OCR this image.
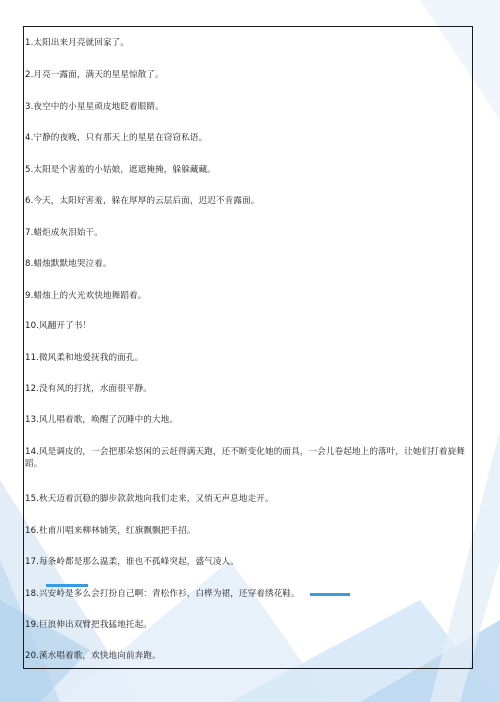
1.太阳出来月亮就回家了。
2.月亮一露面，满天的星星惊散了。
3.夜空中的小星星顽皮地眨着眼睛。
4.宁静的夜晚，只有那天上的星星在窃窃私语。
5.太阳是个害羞的小姑娘，遮遮掩掩，躲躲藏藏。
6.今天，太阳好害羞，躲在厚厚的云层后面，迟迟不肯露面。
7.蜡炬成灰泪始干。
8.蜡烛默默地哭泣着。
9.蜡烛上的火光欢快地舞蹈着。
10.风翻开了书！
11.微风柔和地爱抚我的面孔。
12.没有风的打扰，水面很平静。
13.风儿唱着歌，唤醒了沉睡中的大地。
14.风是调皮的，一会把那朵悠闲的云赶得满天跑，还不断变化她的面具，一会儿卷起地上的落叶，让她们打着旋舞蹈。
15.秋天迈着沉稳的脚步款款地向我们走来，又悄无声息地走开。
16.杜甫川唱来柳林铺笑，红旗飘飘把手招。
17.每条岭都是那么温柔，谁也不孤峰突起，盛气凌人。
18.兴安岭是多么会打扮自己啊：青松作衫，白桦为裙，还穿着绣花鞋。
19.巨浪伸出双臂把我猛地托起。
20.溪水唱着歌，欢快地向前奔跑。
